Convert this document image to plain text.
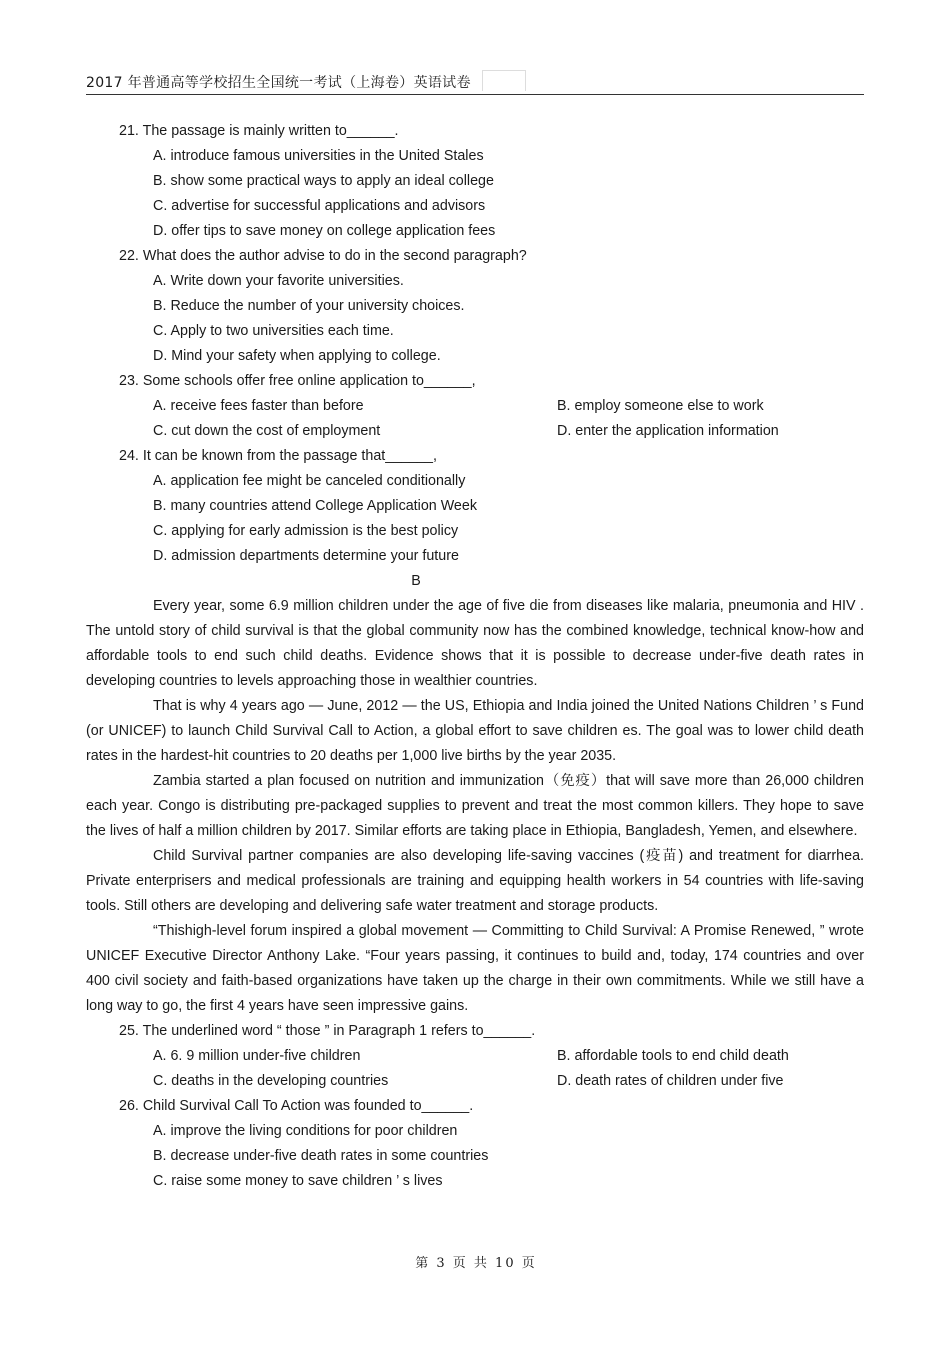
2017 年普通高等学校招生全国统一考试（上海卷）英语试卷

21. The passage is mainly written to______.

A. introduce famous universities in the United Stales

B. show some practical ways to apply an ideal college

C. advertise for successful applications and advisors

D. offer tips to save money on college application fees

22. What does the author advise to do in the second paragraph?

A. Write down your favorite universities.

B. Reduce the number of your university choices.

C. Apply to two universities each time.

D. Mind your safety when applying to college.

23. Some schools offer free online application to______,

A. receive fees faster than before	B. employ someone else to work
C. cut down the cost of employment	D. enter the application information

24. It can be known from the passage that______,

A. application fee might be canceled conditionally

B. many countries attend College Application Week

C. applying for early admission is the best policy

D. admission departments determine your future

B

Every year, some 6.9 million children under the age of five die from diseases like malaria, pneumonia and HIV . The untold story of child survival is that the global community now has the combined knowledge, technical know-how and affordable tools to end such child deaths. Evidence shows that it is possible to decrease under-five death rates in developing countries to levels approaching those in wealthier countries.

That is why 4 years ago — June, 2012 — the US, Ethiopia and India joined the United Nations Children ’ s Fund (or UNICEF) to launch Child Survival Call to Action, a global effort to save children es. The goal was to lower child death rates in the hardest-hit countries to 20 deaths per 1,000 live births by the year 2035.

Zambia started a plan focused on nutrition and immunization（免疫）that will save more than 26,000 children each year. Congo is distributing pre-packaged supplies to prevent and treat the most common killers. They hope to save the lives of half a million children by 2017. Similar efforts are taking place in Ethiopia, Bangladesh, Yemen, and elsewhere.

Child Survival partner companies are also developing life-saving vaccines (疫苗) and treatment for diarrhea. Private enterprisers and medical professionals are training and equipping health workers in 54 countries with life-saving tools. Still others are developing and delivering safe water treatment and storage products.

“Thishigh-level forum inspired a global movement — Committing to Child Survival: A Promise Renewed, ” wrote UNICEF Executive Director Anthony Lake. “Four years passing, it continues to build and, today, 174 countries and over 400 civil society and faith-based organizations have taken up the charge in their own commitments. While we still have a long way to go, the first 4 years have seen impressive gains.

25. The underlined word “ those ” in Paragraph 1 refers to______.

A. 6. 9 million under-five children	B. affordable tools to end child death
C. deaths in the developing countries	D. death rates of children under five

26. Child Survival Call To Action was founded to______.

A. improve the living conditions for poor children

B. decrease under-five death rates in some countries

C. raise some money to save children ’ s lives

第 3 页 共 10 页
